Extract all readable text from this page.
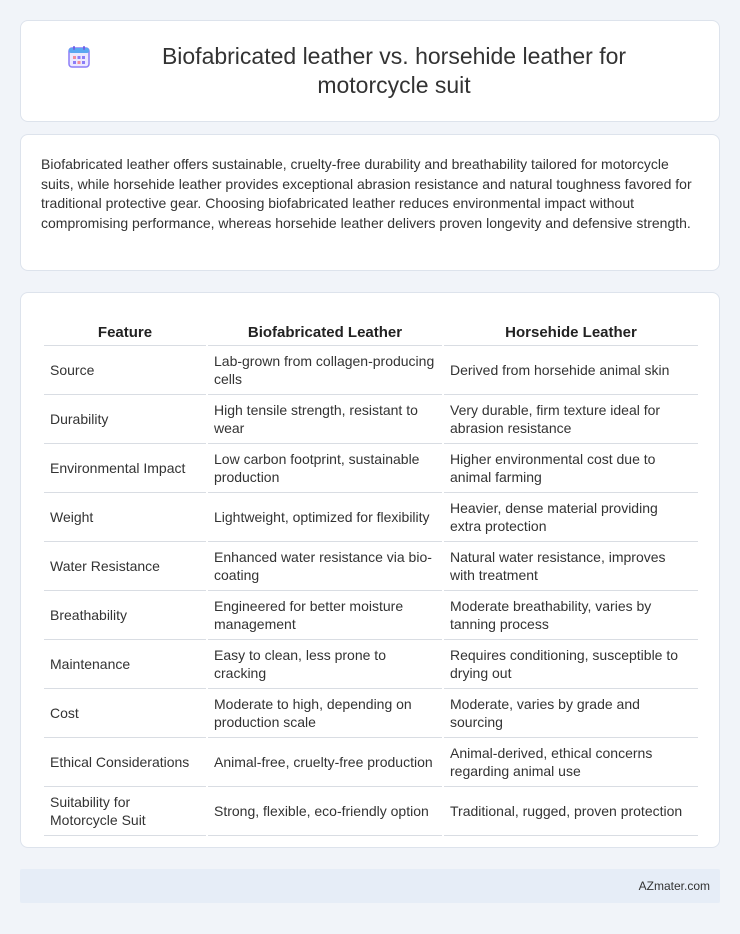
Biofabricated leather vs. horsehide leather for motorcycle suit

Biofabricated leather offers sustainable, cruelty-free durability and breathability tailored for motorcycle suits, while horsehide leather provides exceptional abrasion resistance and natural toughness favored for traditional protective gear. Choosing biofabricated leather reduces environmental impact without compromising performance, whereas horsehide leather delivers proven longevity and defensive strength.

Feature	Biofabricated Leather	Horsehide Leather
Source	Lab-grown from collagen-producing cells	Derived from horsehide animal skin
Durability	High tensile strength, resistant to wear	Very durable, firm texture ideal for abrasion resistance
Environmental Impact	Low carbon footprint, sustainable production	Higher environmental cost due to animal farming
Weight	Lightweight, optimized for flexibility	Heavier, dense material providing extra protection
Water Resistance	Enhanced water resistance via bio-coating	Natural water resistance, improves with treatment
Breathability	Engineered for better moisture management	Moderate breathability, varies by tanning process
Maintenance	Easy to clean, less prone to cracking	Requires conditioning, susceptible to drying out
Cost	Moderate to high, depending on production scale	Moderate, varies by grade and sourcing
Ethical Considerations	Animal-free, cruelty-free production	Animal-derived, ethical concerns regarding animal use
Suitability for Motorcycle Suit	Strong, flexible, eco-friendly option	Traditional, rugged, proven protection
AZmater.com
